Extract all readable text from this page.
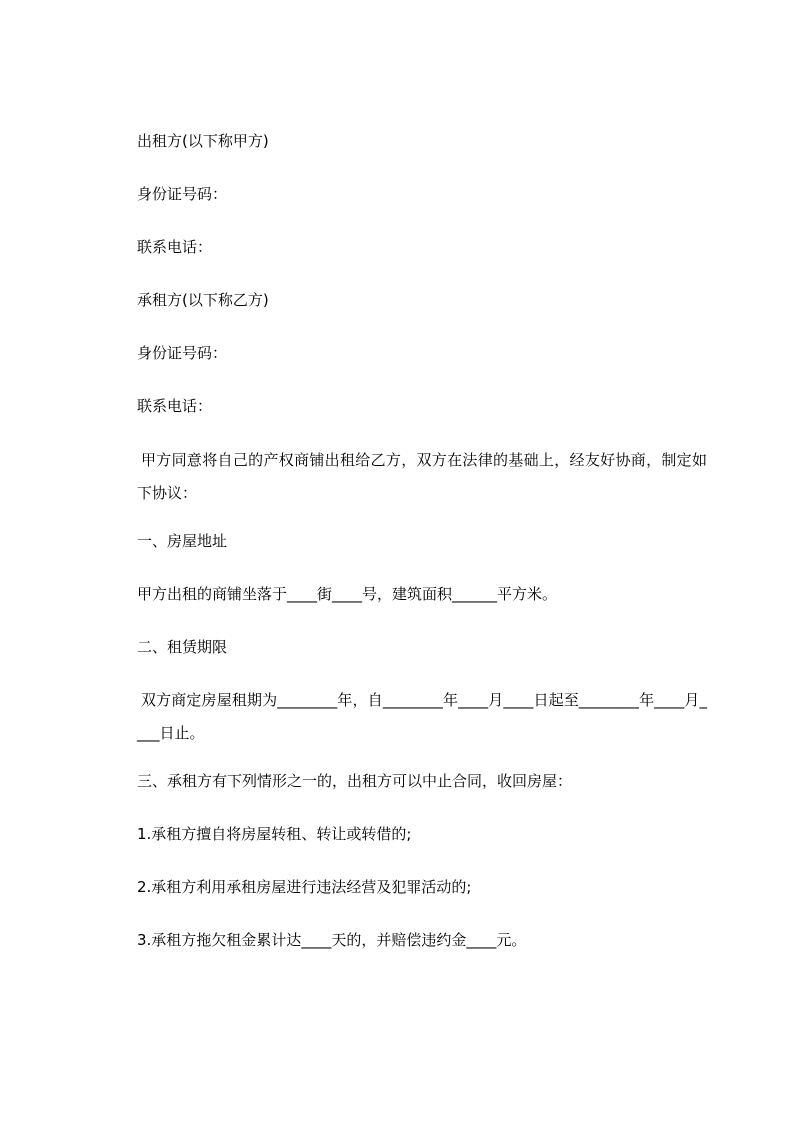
出租方(以下称甲方)
身份证号码：
联系电话：
承租方(以下称乙方)
身份证号码：
联系电话：
甲方同意将自己的产权商铺出租给乙方，双方在法律的基础上，经友好协商，制定如下协议：
一、房屋地址
甲方出租的商铺坐落于____街____号，建筑面积______平方米。
二、租赁期限
双方商定房屋租期为________年，自________年____月____日起至________年____月____日止。
三、承租方有下列情形之一的，出租方可以中止合同，收回房屋：
1.承租方擅自将房屋转租、转让或转借的;
2.承租方利用承租房屋进行违法经营及犯罪活动的;
3.承租方拖欠租金累计达____天的，并赔偿违约金____元。
